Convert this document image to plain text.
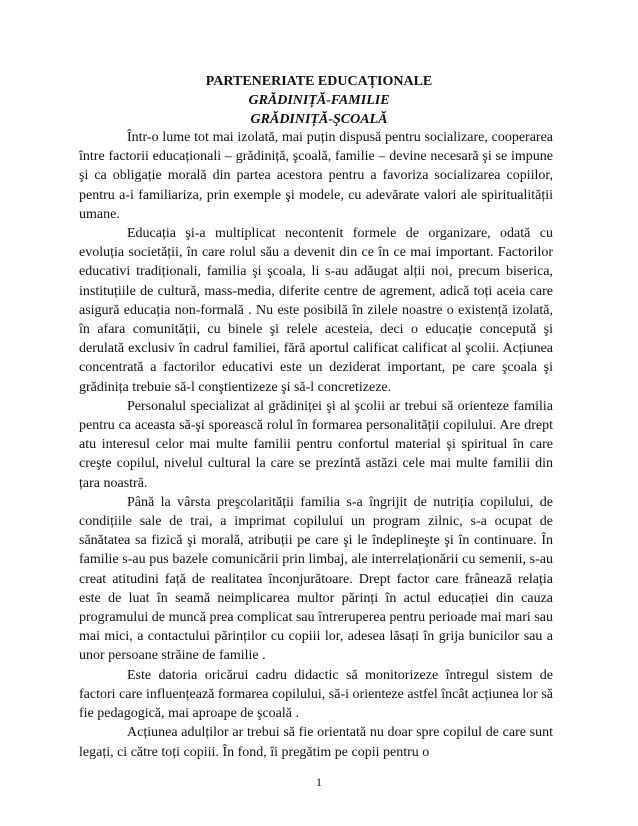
PARTENERIATE EDUCAȚIONALE
GRĂDINIȚĂ-FAMILIE
GRĂDINIȚĂ-ŞCOALĂ

Într-o lume tot mai izolată, mai puțin dispusă pentru socializare, cooperarea între factorii educaționali – grădiniță, şcoală, familie – devine necesară şi se impune şi ca obligație morală din partea acestora pentru a favoriza socializarea copiilor, pentru a-i familiariza, prin exemple şi modele, cu adevărate valori ale spiritualității umane.

Educația şi-a multiplicat necontenit formele de organizare, odată cu evoluția societății, în care rolul său a devenit din ce în ce mai important. Factorilor educativi tradiționali, familia şi şcoala, li s-au adăugat alții noi, precum biserica, instituțiile de cultură, mass-media, diferite centre de agrement, adică toți aceia care asigură educația non-formală . Nu este posibilă în zilele noastre o existență izolată, în afara comunității, cu binele şi relele acesteia, deci o educație concepută şi derulată exclusiv în cadrul familiei, fără aportul calificat calificat al şcolii. Acțiunea concentrată a factorilor educativi este un deziderat important, pe care şcoala şi grădinița trebuie să-l conştientizeze şi să-l concretizeze.

Personalul specializat al grădiniței şi al şcolii ar trebui să orienteze familia pentru ca aceasta să-şi sporească rolul în formarea personalității copilului. Are drept atu interesul celor mai multe familii pentru confortul material şi spiritual în care creşte copilul, nivelul cultural la care se prezintă astăzi cele mai multe familii din țara noastră.

Până la vârsta preşcolarității familia s-a îngrijit de nutriția copilului, de condițiile sale de trai, a imprimat copilului un program zilnic, s-a ocupat de sănătatea sa fizică şi morală, atribuții pe care şi le îndeplineşte şi în continuare. În familie s-au pus bazele comunicării prin limbaj, ale interrelaționării cu semenii, s-au creat atitudini față de realitatea înconjurătoare. Drept factor care frânează relația este de luat în seamă neimplicarea multor părinți în actul educației din cauza programului de muncă prea complicat sau întreruperea pentru perioade mai mari sau mai mici, a contactului părinților cu copiii lor, adesea lăsați în grija bunicilor sau a unor persoane străine de familie .

Este datoria oricărui cadru didactic să monitorizeze întregul sistem de factori care influențează formarea copilului, să-i orienteze astfel încât acțiunea lor să fie pedagogică, mai aproape de şcoală .

Acțiunea adulților ar trebui să fie orientată nu doar spre copilul de care sunt legați, ci către toți copiii. În fond, îi pregătim pe copii pentru o

1
